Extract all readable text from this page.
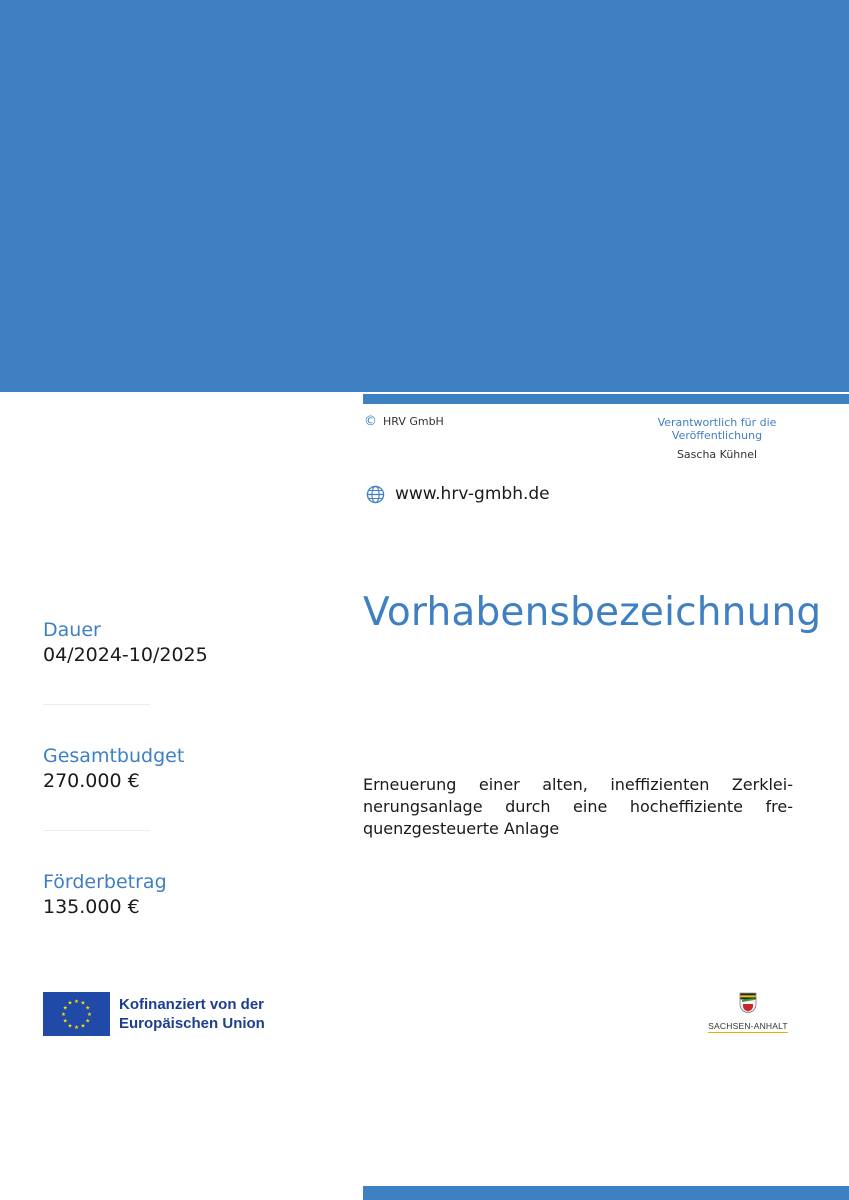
© HRV GmbH	Verantwortlich für die Veröffentlichung
Sascha Kühnel
www.hrv-gmbh.de
Vorhabensbezeichnung
Erneuerung einer alten, ineffizienten Zerklei-
nerungsanlage durch eine hocheffiziente fre-
quenzgesteuerte Anlage
Dauer
04/2024-10/2025
Gesamtbudget
270.000 €
Förderbetrag
135.000 €
★ ★
★
★
★
★
★
★
★
★
★
★	Kofinanziert von der
Europäischen Union	SACHSEN-ANHALT
